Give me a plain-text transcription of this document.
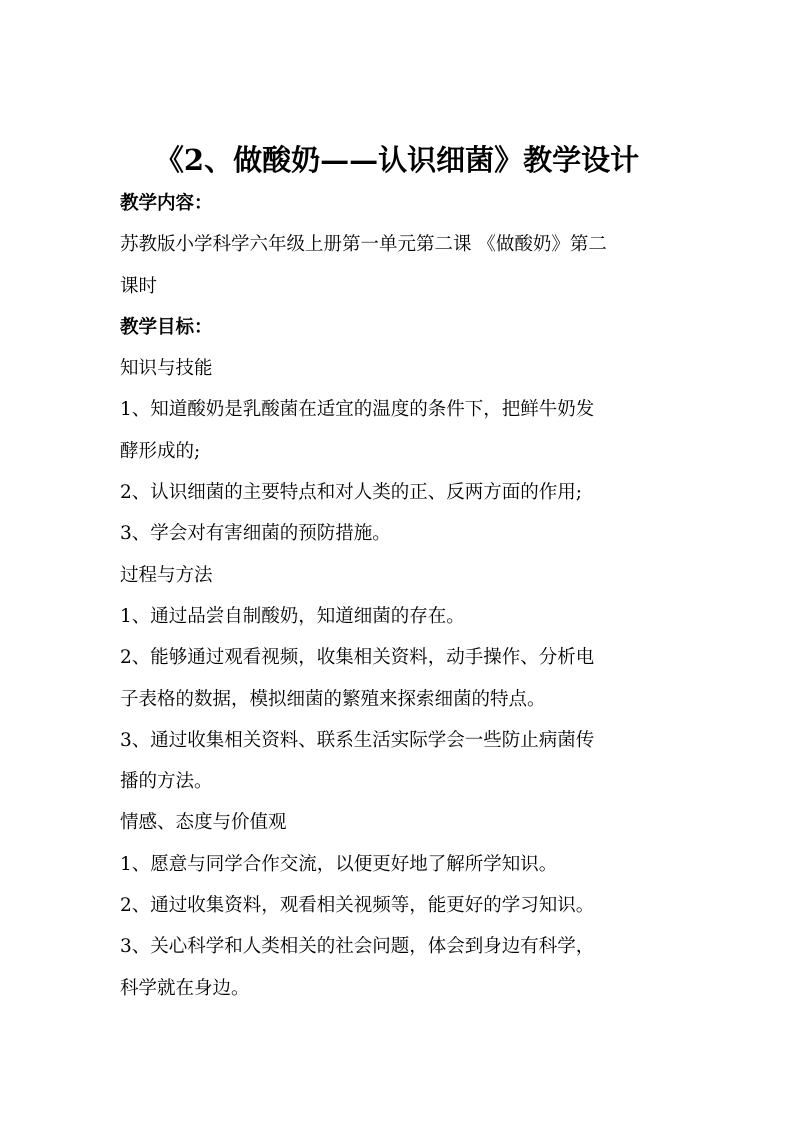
《2、做酸奶——认识细菌》教学设计
教学内容：
苏教版小学科学六年级上册第一单元第二课 《做酸奶》第二
课时
教学目标：
知识与技能
1、知道酸奶是乳酸菌在适宜的温度的条件下，把鲜牛奶发
酵形成的;
2、认识细菌的主要特点和对人类的正、反两方面的作用;
3、学会对有害细菌的预防措施。
过程与方法
1、通过品尝自制酸奶，知道细菌的存在。
2、能够通过观看视频，收集相关资料，动手操作、分析电
子表格的数据，模拟细菌的繁殖来探索细菌的特点。
3、通过收集相关资料、联系生活实际学会一些防止病菌传
播的方法。
情感、态度与价值观
1、愿意与同学合作交流，以便更好地了解所学知识。
2、通过收集资料，观看相关视频等，能更好的学习知识。
3、关心科学和人类相关的社会问题，体会到身边有科学，
科学就在身边。
